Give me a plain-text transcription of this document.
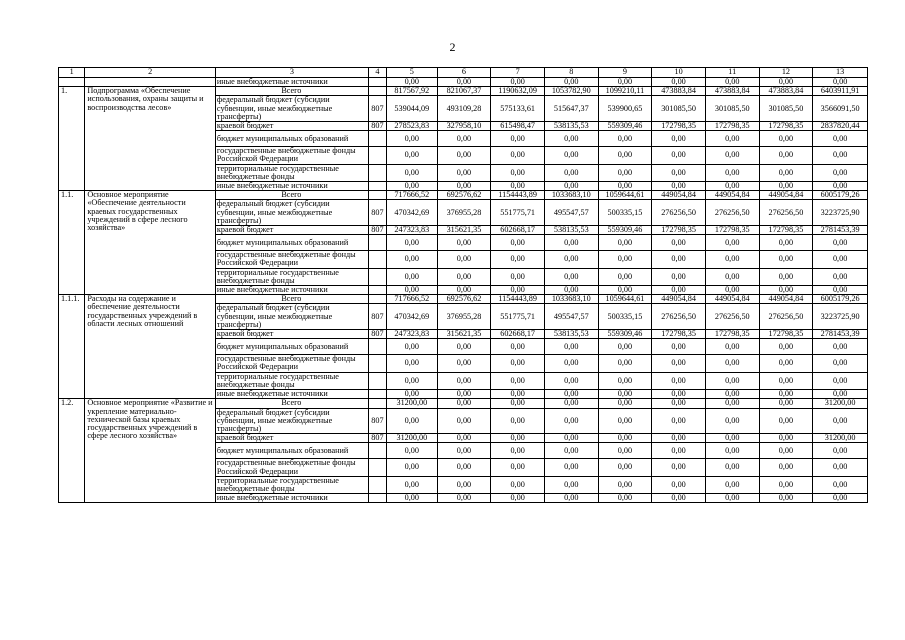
2
1	2	3	4	5	6	7	8	9	10	11	12	13
		иные внебюджетные источники		0,00	0,00	0,00	0,00	0,00	0,00	0,00	0,00	0,00
1.	Подпрограмма «Обеспечение использования, охраны защиты и воспроизводства лесов»	Всего		817567,92	821067,37	1190632,09	1053782,90	1099210,11	473883,84	473883,84	473883,84	6403911,91
		федеральный бюджет (субсидии субвенции, иные межбюджетные трансферты)	807	539044,09	493109,28	575133,61	515647,37	539900,65	301085,50	301085,50	301085,50	3566091,50
		краевой бюджет	807	278523,83	327958,10	615498,47	538135,53	559309,46	172798,35	172798,35	172798,35	2837820,44
		бюджет муниципальных образований		0,00	0,00	0,00	0,00	0,00	0,00	0,00	0,00	0,00
		государственные внебюджетные фонды Российской Федерации		0,00	0,00	0,00	0,00	0,00	0,00	0,00	0,00	0,00
		территориальные государственные внебюджетные фонды		0,00	0,00	0,00	0,00	0,00	0,00	0,00	0,00	0,00
		иные внебюджетные источники		0,00	0,00	0,00	0,00	0,00	0,00	0,00	0,00	0,00
1.1.	Основное мероприятие «Обеспечение деятельности краевых государственных учреждений в сфере лесного хозяйства»	Всего		717666,52	692576,62	1154443,89	1033683,10	1059644,61	449054,84	449054,84	449054,84	6005179,26
		федеральный бюджет (субсидии субвенции, иные межбюджетные трансферты)	807	470342,69	376955,28	551775,71	495547,57	500335,15	276256,50	276256,50	276256,50	3223725,90
		краевой бюджет	807	247323,83	315621,35	602668,17	538135,53	559309,46	172798,35	172798,35	172798,35	2781453,39
		бюджет муниципальных образований		0,00	0,00	0,00	0,00	0,00	0,00	0,00	0,00	0,00
		государственные внебюджетные фонды Российской Федерации		0,00	0,00	0,00	0,00	0,00	0,00	0,00	0,00	0,00
		территориальные государственные внебюджетные фонды		0,00	0,00	0,00	0,00	0,00	0,00	0,00	0,00	0,00
		иные внебюджетные источники		0,00	0,00	0,00	0,00	0,00	0,00	0,00	0,00	0,00
1.1.1.	Расходы на содержание и обеспечение деятельности государственных учреждений в области лесных отношений	Всего		717666,52	692576,62	1154443,89	1033683,10	1059644,61	449054,84	449054,84	449054,84	6005179,26
		федеральный бюджет (субсидии субвенции, иные межбюджетные трансферты)	807	470342,69	376955,28	551775,71	495547,57	500335,15	276256,50	276256,50	276256,50	3223725,90
		краевой бюджет	807	247323,83	315621,35	602668,17	538135,53	559309,46	172798,35	172798,35	172798,35	2781453,39
		бюджет муниципальных образований		0,00	0,00	0,00	0,00	0,00	0,00	0,00	0,00	0,00
		государственные внебюджетные фонды Российской Федерации		0,00	0,00	0,00	0,00	0,00	0,00	0,00	0,00	0,00
		территориальные государственные внебюджетные фонды		0,00	0,00	0,00	0,00	0,00	0,00	0,00	0,00	0,00
		иные внебюджетные источники		0,00	0,00	0,00	0,00	0,00	0,00	0,00	0,00	0,00
1.2.	Основное мероприятие «Развитие и укрепление материально-технической базы краевых государственных учреждений в сфере лесного хозяйства»	Всего		31200,00	0,00	0,00	0,00	0,00	0,00	0,00	0,00	31200,00
		федеральный бюджет (субсидии субвенции, иные межбюджетные трансферты)	807	0,00	0,00	0,00	0,00	0,00	0,00	0,00	0,00	0,00
		краевой бюджет	807	31200,00	0,00	0,00	0,00	0,00	0,00	0,00	0,00	31200,00
		бюджет муниципальных образований		0,00	0,00	0,00	0,00	0,00	0,00	0,00	0,00	0,00
		государственные внебюджетные фонды Российской Федерации		0,00	0,00	0,00	0,00	0,00	0,00	0,00	0,00	0,00
		территориальные государственные внебюджетные фонды		0,00	0,00	0,00	0,00	0,00	0,00	0,00	0,00	0,00
		иные внебюджетные источники		0,00	0,00	0,00	0,00	0,00	0,00	0,00	0,00	0,00
